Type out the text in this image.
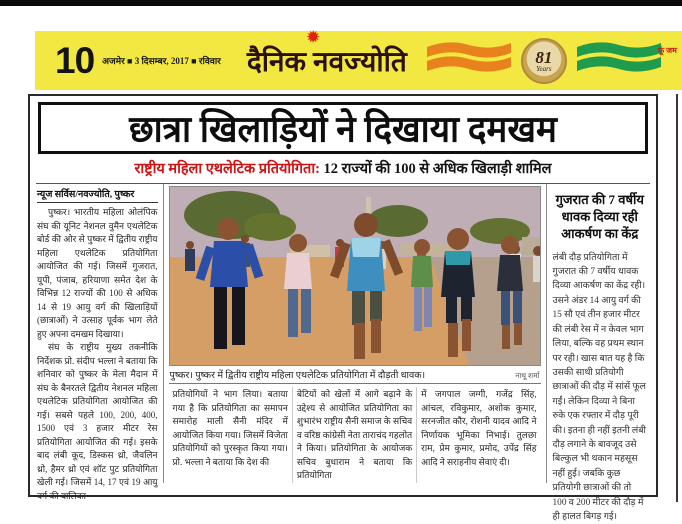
10 अजमेर ■ 3 दिसम्बर, 2017 ■ रविवार दैनिक नवज्योति
✹
81
Years
फूं जम
छात्रा खिलाड़ियों ने दिखाया दमखम
राष्ट्रीय महिला एथलेटिक प्रतियोगिता: 12 राज्यों की 100 से अधिक खिलाड़ी शामिल
न्यूज सर्विस/नवज्योति, पुष्कर

पुष्कर। भारतीय महिला ओलंपिक संघ की यूनिट नेशनल वुमैन एथलेटिक बोर्ड की ओर से पुष्कर में द्वितीय राष्ट्रीय महिला एथलेटिक प्रतियोगिता आयोजित की गई। जिसमें गुजरात, यूपी, पंजाब, हरियाणा समेत देश के विभिन्न 12 राज्यों की 100 से अधिक 14 से 19 आयु वर्ग की खिलाड़ियों (छात्राओं) ने उत्साह पूर्वक भाग लेते हुए अपना दमखम दिखाया।

संघ के राष्ट्रीय मुख्य तकनीकि निर्देशक प्रो. संदीप भल्ला ने बताया कि शनिवार को पुष्कर के मेला मैदान में संघ के बैनरतले द्वितीय नेशनल महिला एथलेटिक प्रतियोगिता आयोजित की गई। सबसे पहले 100, 200, 400, 1500 एवं 3 हजार मीटर रेस प्रतियोगिता आयोजित की गई। इसके बाद लंबी कूद, डिस्कस थ्रो, जैवलिन थ्रो, हैमर थ्रो एवं शॉट पुट प्रतियोगिता खेली गई। जिसमें 14, 17 एवं 19 आयु वर्ग की बालिका

पुष्कर। पुष्कर में द्वितीय राष्ट्रीय महिला एथलेटिक प्रतियोगिता में दौड़ती धावक।	नाथू शर्मा
प्रतियोगियों ने भाग लिया। बताया गया है कि प्रतियोगिता का समापन समारोह माली सैनी मंदिर में आयोजित किया गया। जिसमें विजेता प्रतियोगियों को पुरस्कृत किया गया। प्रो. भल्ला ने बताया कि देश की
बेटियों को खेलों में आगे बढ़ाने के उद्देश्य से आयोजित प्रतियोगिता का शुभारंभ राष्ट्रीय सैनी समाज के सचिव व वरिष्ठ कांग्रेसी नेता ताराचंद गहलोत ने किया। प्रतियोगिता के आयोजक सचिव बुधाराम ने बताया कि प्रतियोगिता
में जगपाल जग्गी, गजेंद्र सिंह, आंचल, रविकुमार, अशोक कुमार, सरनजीत कौर, रोशनी यादव आदि ने निर्णायक भूमिका निभाई। तुलछा राम, प्रेम कुमार, प्रमोद, उपेंद्र सिंह आदि ने सराहनीय सेवाएं दी।
गुजरात की 7 वर्षीय धावक दिव्या रही आकर्षण का केंद्र
लंबी दौड़ प्रतियोगिता में गुजरात की 7 वर्षीय धावक दिव्या आकर्षण का केंद्र रही। उसने अंडर 14 आयु वर्ग की 15 सौ एवं तीन हजार मीटर की लंबी रेस में न केवल भाग लिया, बल्कि वह प्रथम स्थान पर रही। खास बात यह है कि उसकी साथी प्रतियोगी छात्राओं की दौड़ में सांसें फूल गईं। लेकिन दिव्या ने बिना रुके एक रफ्तार में दौड़ पूरी की। इतना ही नहीं इतनी लंबी दौड़ लगाने के बावजूद उसे बिल्कुल भी थकान महसूस नहीं हुई। जबकि कुछ प्रतियोगी छात्राओं की तो 100 व 200 मीटर की दौड़ में ही हालत बिगड़ गई।
